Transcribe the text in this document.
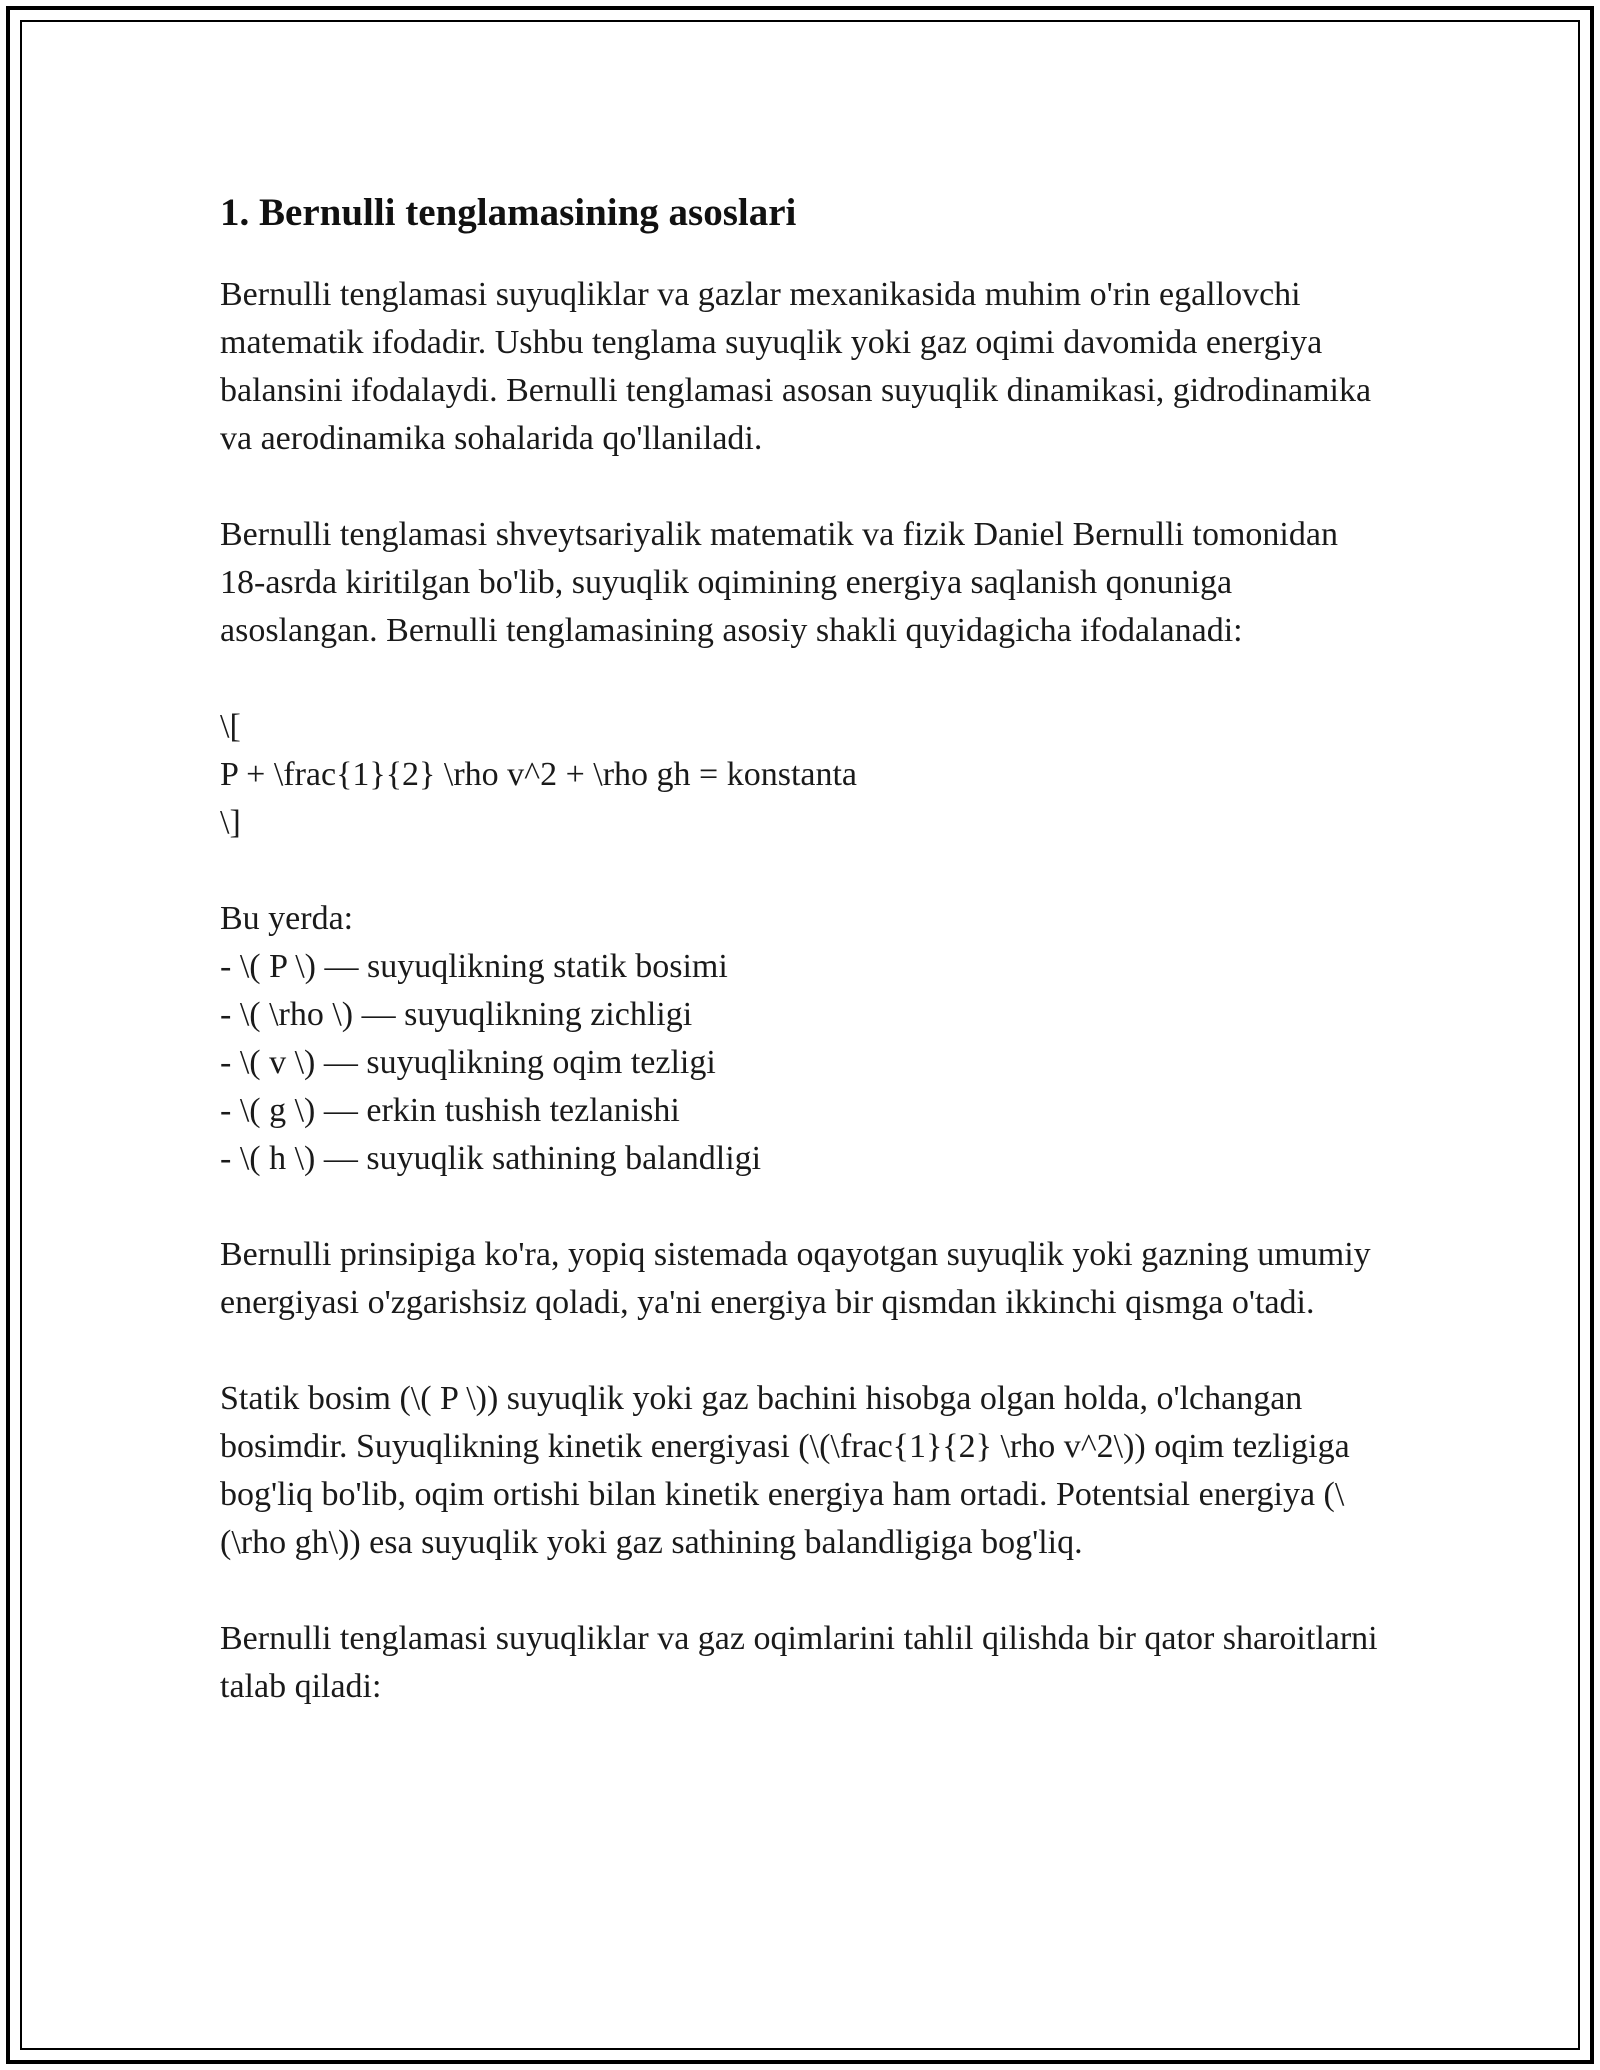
1. Bernulli tenglamasining asoslari

Bernulli tenglamasi suyuqliklar va gazlar mexanikasida muhim o'rin egallovchi matematik ifodadir. Ushbu tenglama suyuqlik yoki gaz oqimi davomida energiya balansini ifodalaydi. Bernulli tenglamasi asosan suyuqlik dinamikasi, gidrodinamika va aerodinamika sohalarida qo'llaniladi.

Bernulli tenglamasi shveytsariyalik matematik va fizik Daniel Bernulli tomonidan 18-asrda kiritilgan bo'lib, suyuqlik oqimining energiya saqlanish qonuniga asoslangan. Bernulli tenglamasining asosiy shakli quyidagicha ifodalanadi:

\[
P + \frac{1}{2} \rho v^2 + \rho gh = konstanta
\]
Bu yerda:
- \( P \) — suyuqlikning statik bosimi
- \( \rho \) — suyuqlikning zichligi
- \( v \) — suyuqlikning oqim tezligi
- \( g \) — erkin tushish tezlanishi
- \( h \) — suyuqlik sathining balandligi

Bernulli prinsipiga ko'ra, yopiq sistemada oqayotgan suyuqlik yoki gazning umumiy energiyasi o'zgarishsiz qoladi, ya'ni energiya bir qismdan ikkinchi qismga o'tadi.

Statik bosim (\( P \)) suyuqlik yoki gaz bachini hisobga olgan holda, o'lchangan bosimdir. Suyuqlikning kinetik energiyasi (\(\frac{1}{2} \rho v^2\)) oqim tezligiga bog'liq bo'lib, oqim ortishi bilan kinetik energiya ham ortadi. Potentsial energiya (\(\rho gh\)) esa suyuqlik yoki gaz sathining balandligiga bog'liq.

Bernulli tenglamasi suyuqliklar va gaz oqimlarini tahlil qilishda bir qator sharoitlarni talab qiladi:
